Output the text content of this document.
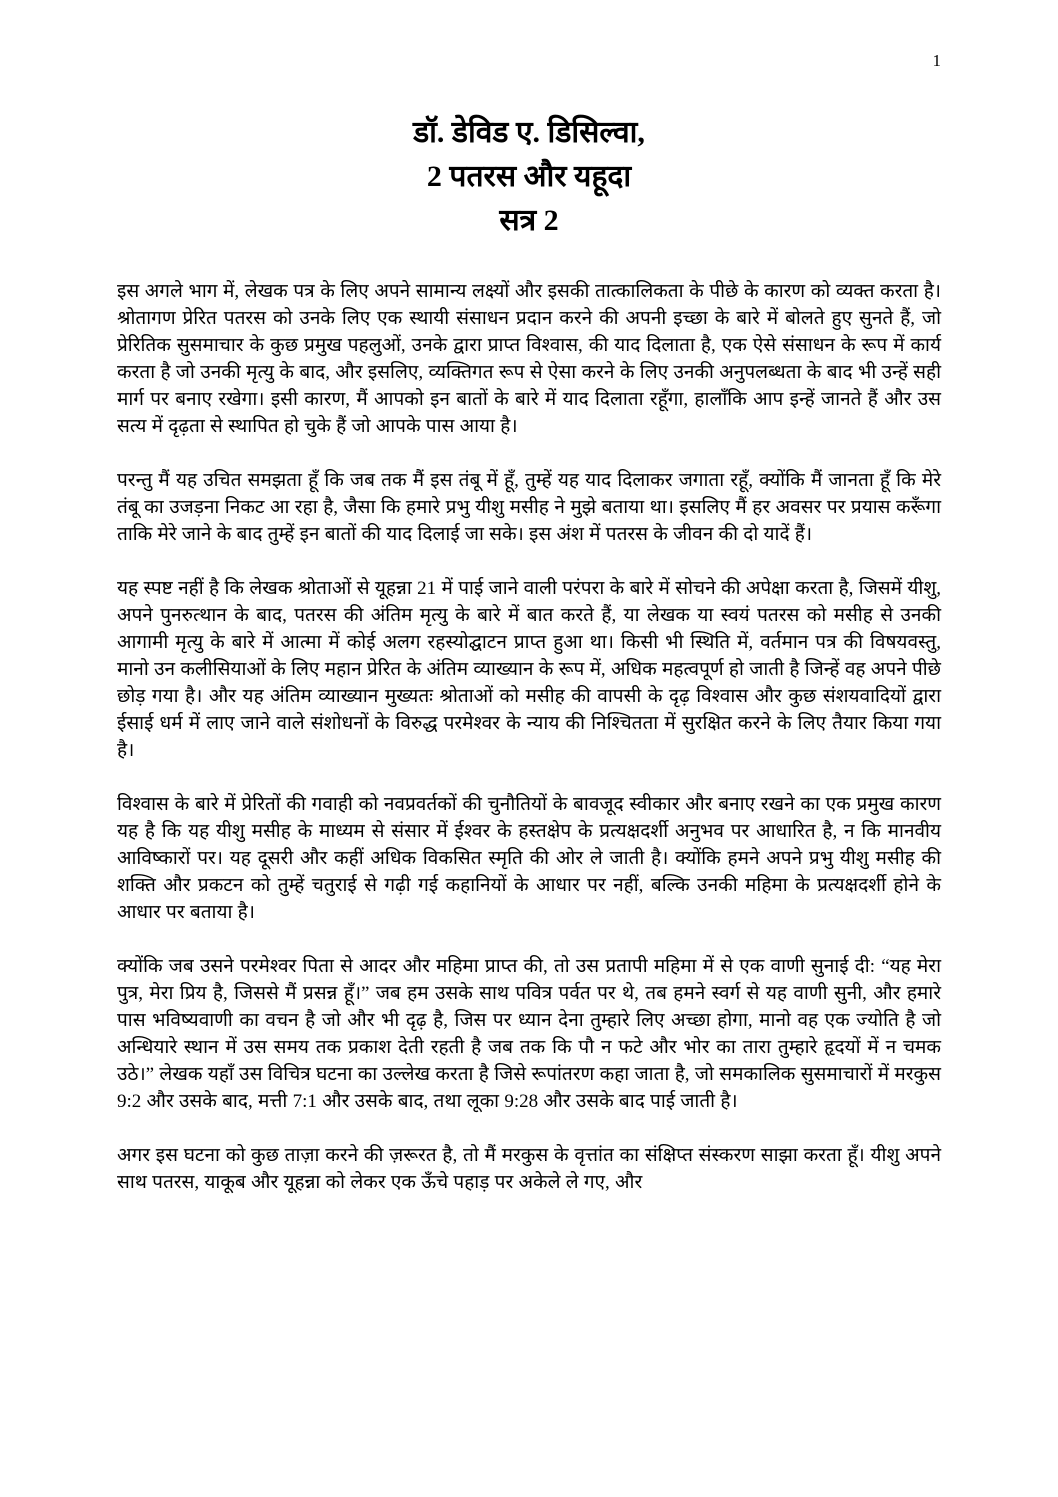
1
डॉ. डेविड ए. डिसिल्वा,
2 पतरस और यहूदा
सत्र 2

इस अगले भाग में, लेखक पत्र के लिए अपने सामान्य लक्ष्यों और इसकी तात्कालिकता के पीछे के कारण को व्यक्त करता है। श्रोतागण प्रेरित पतरस को उनके लिए एक स्थायी संसाधन प्रदान करने की अपनी इच्छा के बारे में बोलते हुए सुनते हैं, जो प्रेरितिक सुसमाचार के कुछ प्रमुख पहलुओं, उनके द्वारा प्राप्त विश्वास, की याद दिलाता है, एक ऐसे संसाधन के रूप में कार्य करता है जो उनकी मृत्यु के बाद, और इसलिए, व्यक्तिगत रूप से ऐसा करने के लिए उनकी अनुपलब्धता के बाद भी उन्हें सही मार्ग पर बनाए रखेगा। इसी कारण, मैं आपको इन बातों के बारे में याद दिलाता रहूँगा, हालाँकि आप इन्हें जानते हैं और उस सत्य में दृढ़ता से स्थापित हो चुके हैं जो आपके पास आया है।

परन्तु मैं यह उचित समझता हूँ कि जब तक मैं इस तंबू में हूँ, तुम्हें यह याद दिलाकर जगाता रहूँ, क्योंकि मैं जानता हूँ कि मेरे तंबू का उजड़ना निकट आ रहा है, जैसा कि हमारे प्रभु यीशु मसीह ने मुझे बताया था। इसलिए मैं हर अवसर पर प्रयास करूँगा ताकि मेरे जाने के बाद तुम्हें इन बातों की याद दिलाई जा सके। इस अंश में पतरस के जीवन की दो यादें हैं।

यह स्पष्ट नहीं है कि लेखक श्रोताओं से यूहन्ना 21 में पाई जाने वाली परंपरा के बारे में सोचने की अपेक्षा करता है, जिसमें यीशु, अपने पुनरुत्थान के बाद, पतरस की अंतिम मृत्यु के बारे में बात करते हैं, या लेखक या स्वयं पतरस को मसीह से उनकी आगामी मृत्यु के बारे में आत्मा में कोई अलग रहस्योद्घाटन प्राप्त हुआ था। किसी भी स्थिति में, वर्तमान पत्र की विषयवस्तु, मानो उन कलीसियाओं के लिए महान प्रेरित के अंतिम व्याख्यान के रूप में, अधिक महत्वपूर्ण हो जाती है जिन्हें वह अपने पीछे छोड़ गया है। और यह अंतिम व्याख्यान मुख्यतः श्रोताओं को मसीह की वापसी के दृढ़ विश्वास और कुछ संशयवादियों द्वारा ईसाई धर्म में लाए जाने वाले संशोधनों के विरुद्ध परमेश्वर के न्याय की निश्चितता में सुरक्षित करने के लिए तैयार किया गया है।

विश्वास के बारे में प्रेरितों की गवाही को नवप्रवर्तकों की चुनौतियों के बावजूद स्वीकार और बनाए रखने का एक प्रमुख कारण यह है कि यह यीशु मसीह के माध्यम से संसार में ईश्वर के हस्तक्षेप के प्रत्यक्षदर्शी अनुभव पर आधारित है, न कि मानवीय आविष्कारों पर। यह दूसरी और कहीं अधिक विकसित स्मृति की ओर ले जाती है। क्योंकि हमने अपने प्रभु यीशु मसीह की शक्ति और प्रकटन को तुम्हें चतुराई से गढ़ी गई कहानियों के आधार पर नहीं, बल्कि उनकी महिमा के प्रत्यक्षदर्शी होने के आधार पर बताया है।

क्योंकि जब उसने परमेश्वर पिता से आदर और महिमा प्राप्त की, तो उस प्रतापी महिमा में से एक वाणी सुनाई दी: “यह मेरा पुत्र, मेरा प्रिय है, जिससे मैं प्रसन्न हूँ।” जब हम उसके साथ पवित्र पर्वत पर थे, तब हमने स्वर्ग से यह वाणी सुनी, और हमारे पास भविष्यवाणी का वचन है जो और भी दृढ़ है, जिस पर ध्यान देना तुम्हारे लिए अच्छा होगा, मानो वह एक ज्योति है जो अन्धियारे स्थान में उस समय तक प्रकाश देती रहती है जब तक कि पौ न फटे और भोर का तारा तुम्हारे हृदयों में न चमक उठे।” लेखक यहाँ उस विचित्र घटना का उल्लेख करता है जिसे रूपांतरण कहा जाता है, जो समकालिक सुसमाचारों में मरकुस 9:2 और उसके बाद, मत्ती 7:1 और उसके बाद, तथा लूका 9:28 और उसके बाद पाई जाती है।

अगर इस घटना को कुछ ताज़ा करने की ज़रूरत है, तो मैं मरकुस के वृत्तांत का संक्षिप्त संस्करण साझा करता हूँ। यीशु अपने साथ पतरस, याकूब और यूहन्ना को लेकर एक ऊँचे पहाड़ पर अकेले ले गए, और
